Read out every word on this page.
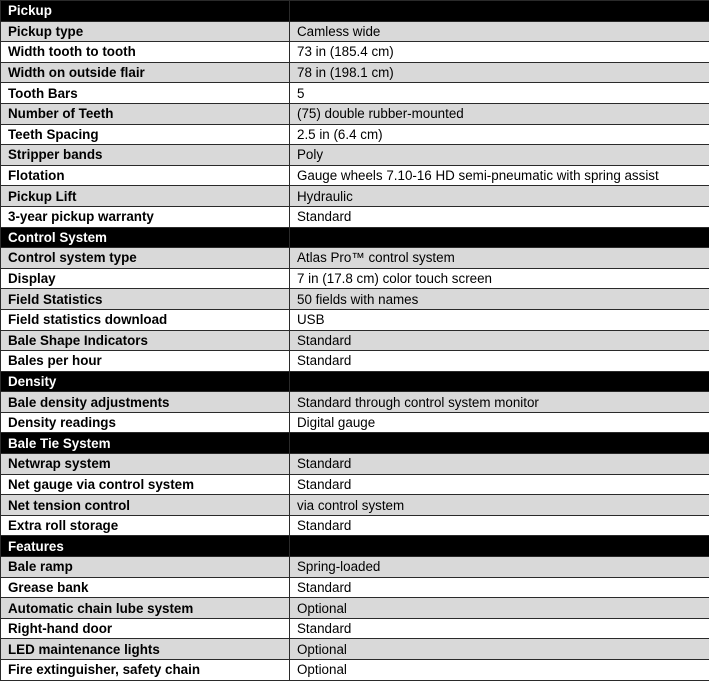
Pickup	
Pickup type	Camless wide
Width tooth to tooth	73 in (185.4 cm)
Width on outside flair	78 in (198.1 cm)
Tooth Bars	5
Number of Teeth	(75) double rubber-mounted
Teeth Spacing	2.5 in (6.4 cm)
Stripper bands	Poly
Flotation	Gauge wheels 7.10-16 HD semi-pneumatic with spring assist
Pickup Lift	Hydraulic
3-year pickup warranty	Standard
Control System	
Control system type	Atlas Pro™ control system
Display	7 in (17.8 cm) color touch screen
Field Statistics	50 fields with names
Field statistics download	USB
Bale Shape Indicators	Standard
Bales per hour	Standard
Density	
Bale density adjustments	Standard through control system monitor
Density readings	Digital gauge
Bale Tie System	
Netwrap system	Standard
Net gauge via control system	Standard
Net tension control	via control system
Extra roll storage	Standard
Features	
Bale ramp	Spring-loaded
Grease bank	Standard
Automatic chain lube system	Optional
Right-hand door	Standard
LED maintenance lights	Optional
Fire extinguisher, safety chain	Optional
